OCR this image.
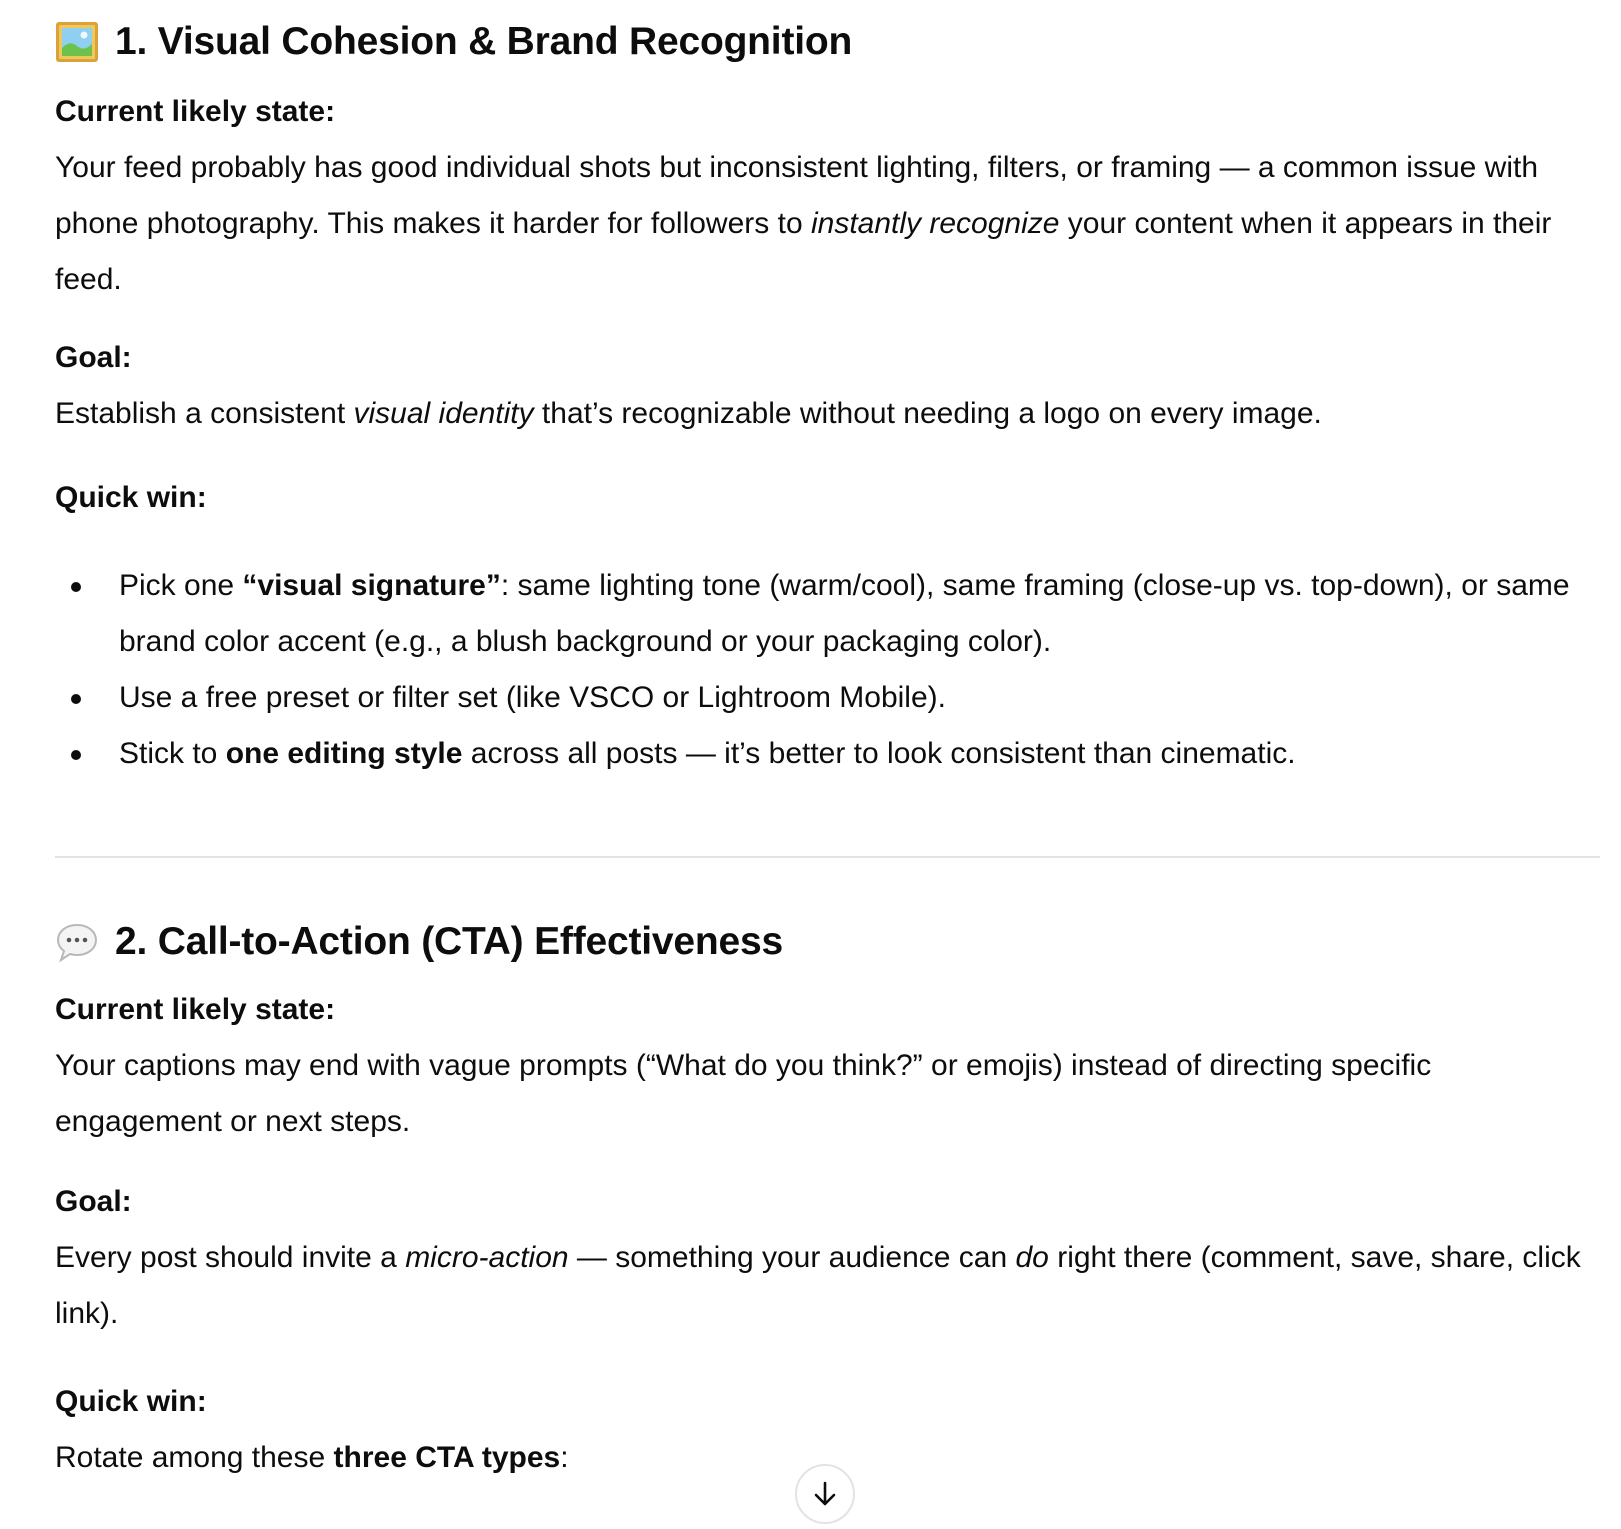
1. Visual Cohesion & Brand Recognition
Current likely state:

Your feed probably has good individual shots but inconsistent lighting, filters, or framing — a common issue with phone photography. This makes it harder for followers to instantly recognize your content when it appears in their feed.

Goal:

Establish a consistent visual identity that’s recognizable without needing a logo on every image.

Quick win:
Pick one “visual signature”: same lighting tone (warm/cool), same framing (close-up vs. top-down), or same brand color accent (e.g., a blush background or your packaging color).
Use a free preset or filter set (like VSCO or Lightroom Mobile).
Stick to one editing style across all posts — it’s better to look consistent than cinematic.
2. Call-to-Action (CTA) Effectiveness
Current likely state:

Your captions may end with vague prompts (“What do you think?” or emojis) instead of directing specific engagement or next steps.

Goal:

Every post should invite a micro-action — something your audience can do right there (comment, save, share, click link).

Quick win:

Rotate among these three CTA types:
